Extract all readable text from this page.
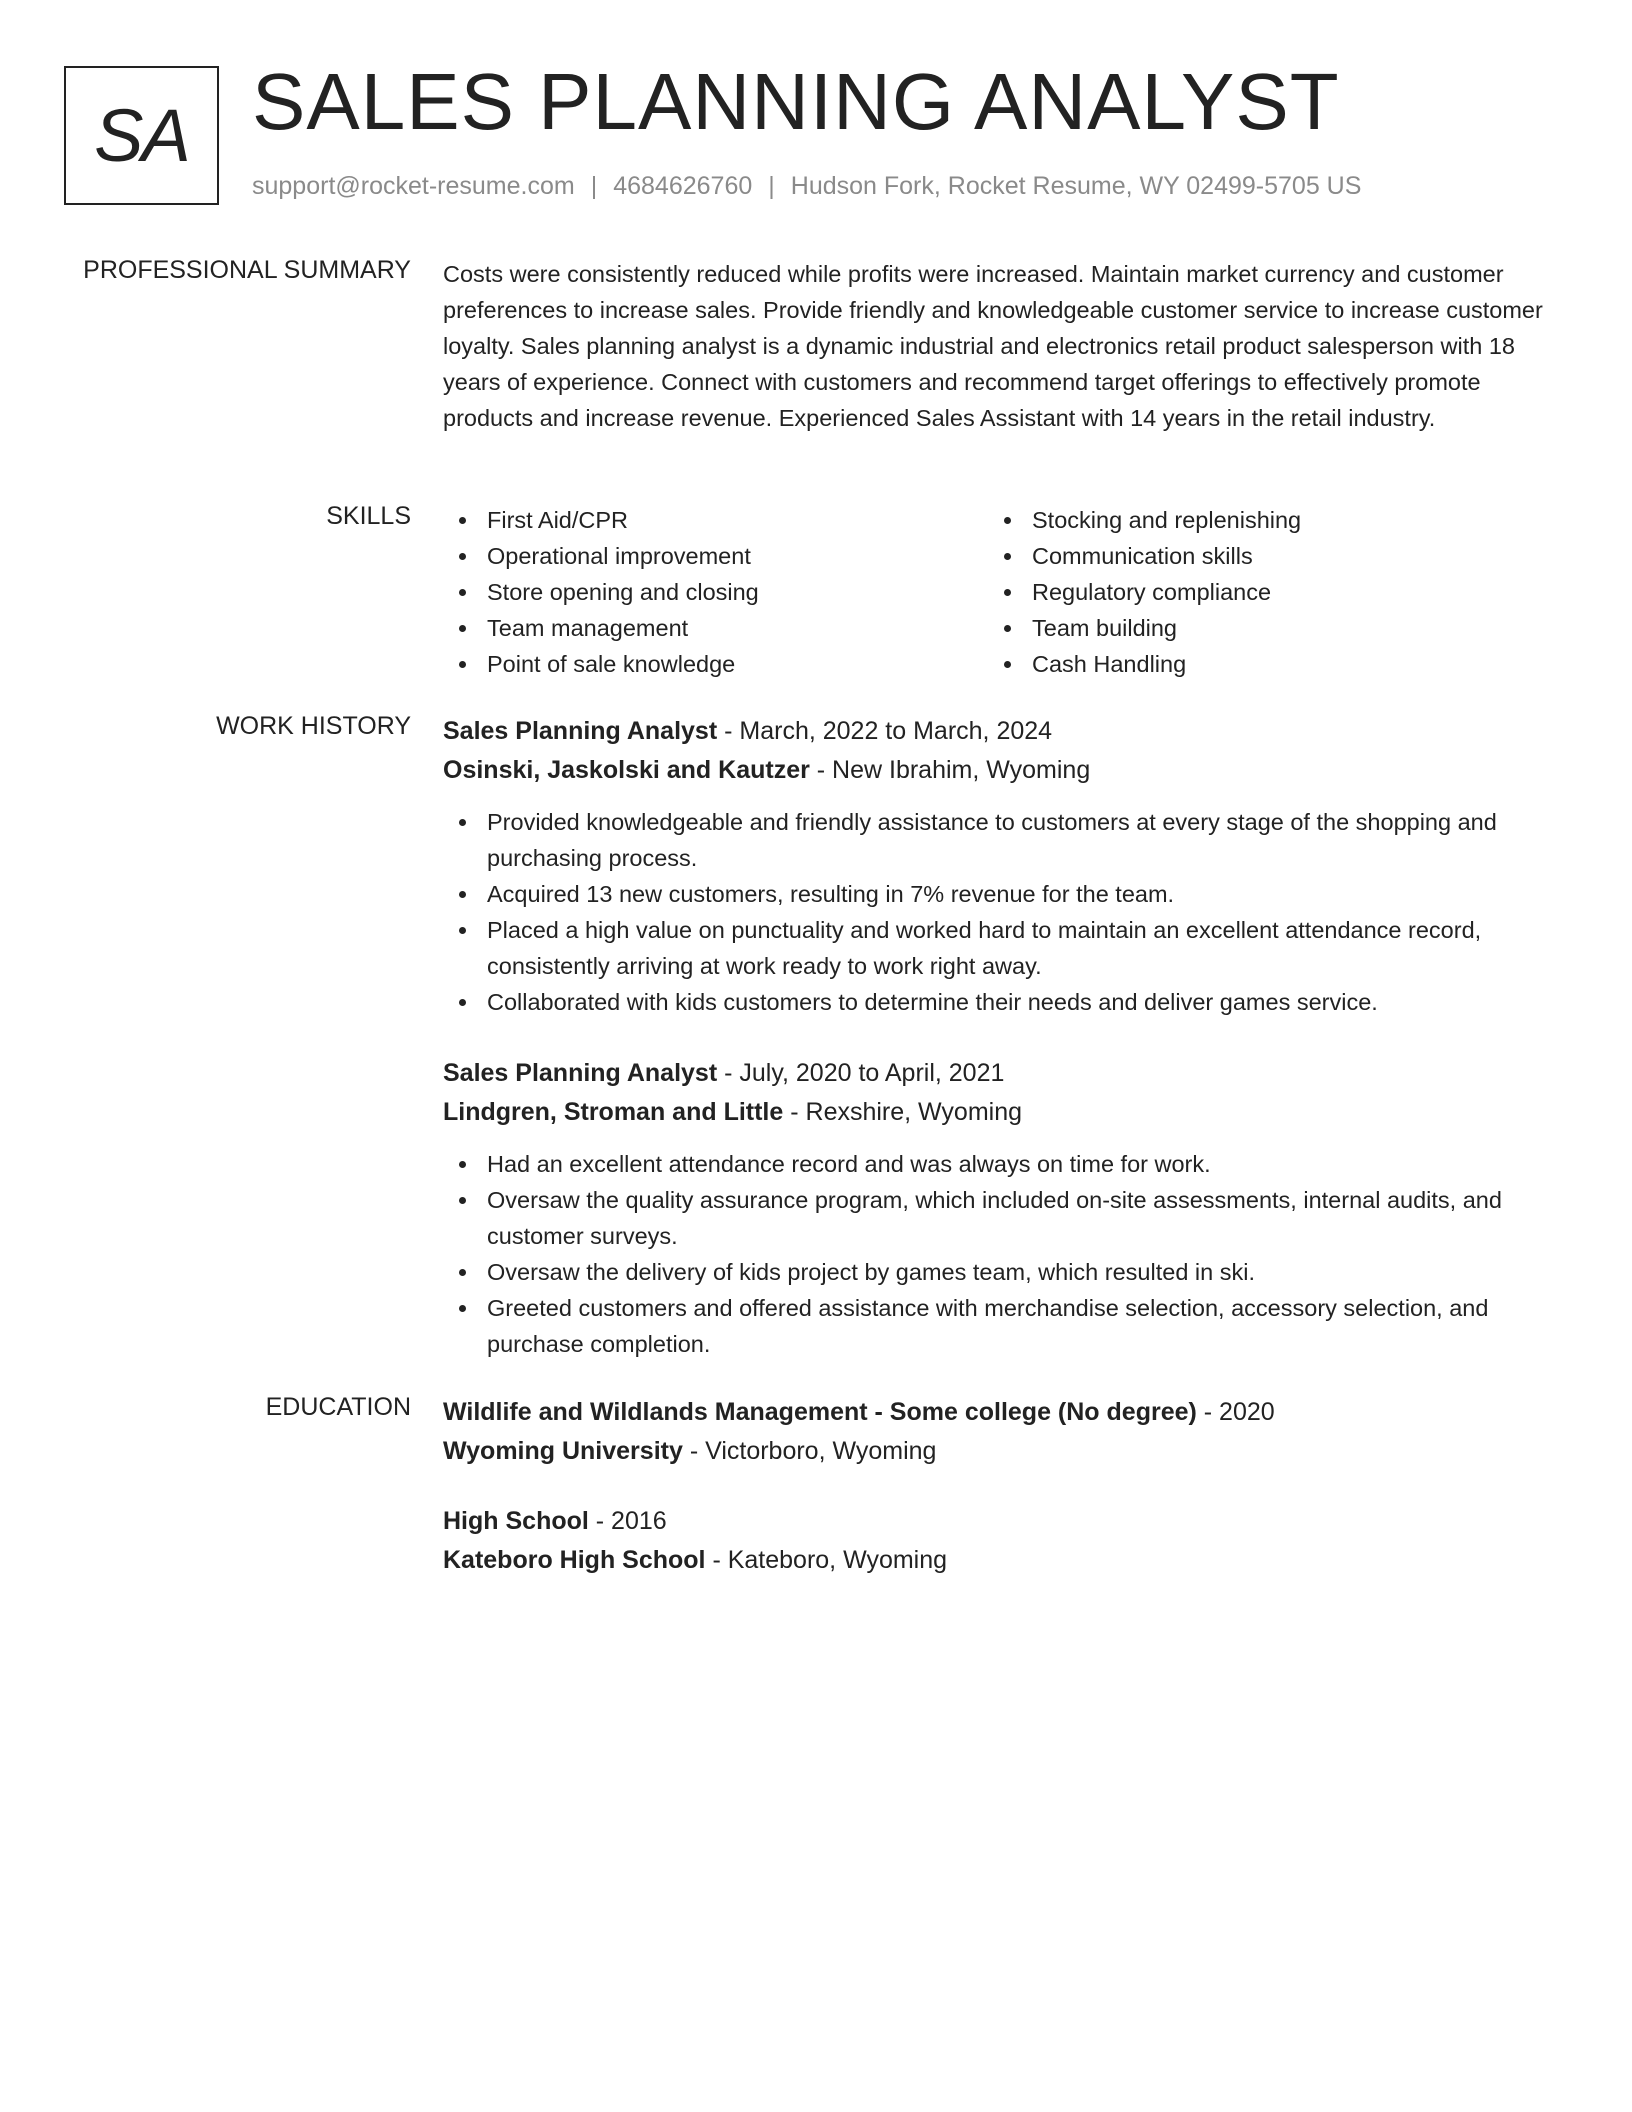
SA SALES PLANNING ANALYST
support@rocket-resume.com | 4684626760 | Hudson Fork, Rocket Resume, WY 02499-5705 US
PROFESSIONAL SUMMARY Costs were consistently reduced while profits were increased. Maintain market currency and customer preferences to increase sales. Provide friendly and knowledgeable customer service to increase customer loyalty. Sales planning analyst is a dynamic industrial and electronics retail product salesperson with 18 years of experience. Connect with customers and recommend target offerings to effectively promote products and increase revenue. Experienced Sales Assistant with 14 years in the retail industry.

SKILLS	First Aid/CPR
Operational improvement
Store opening and closing
Team management
Point of sale knowledge
Stocking and replenishing
Communication skills
Regulatory compliance
Team building
Cash Handling
WORK HISTORY Sales Planning Analyst - March, 2022 to March, 2024
Osinski, Jaskolski and Kautzer - New Ibrahim, Wyoming
Provided knowledgeable and friendly assistance to customers at every stage of the shopping and purchasing process.
Acquired 13 new customers, resulting in 7% revenue for the team.
Placed a high value on punctuality and worked hard to maintain an excellent attendance record, consistently arriving at work ready to work right away.
Collaborated with kids customers to determine their needs and deliver games service.
Sales Planning Analyst - July, 2020 to April, 2021
Lindgren, Stroman and Little - Rexshire, Wyoming
Had an excellent attendance record and was always on time for work.
Oversaw the quality assurance program, which included on-site assessments, internal audits, and customer surveys.
Oversaw the delivery of kids project by games team, which resulted in ski.
Greeted customers and offered assistance with merchandise selection, accessory selection, and purchase completion.
EDUCATION Wildlife and Wildlands Management - Some college (No degree) - 2020
Wyoming University - Victorboro, Wyoming
High School - 2016
Kateboro High School - Kateboro, Wyoming
